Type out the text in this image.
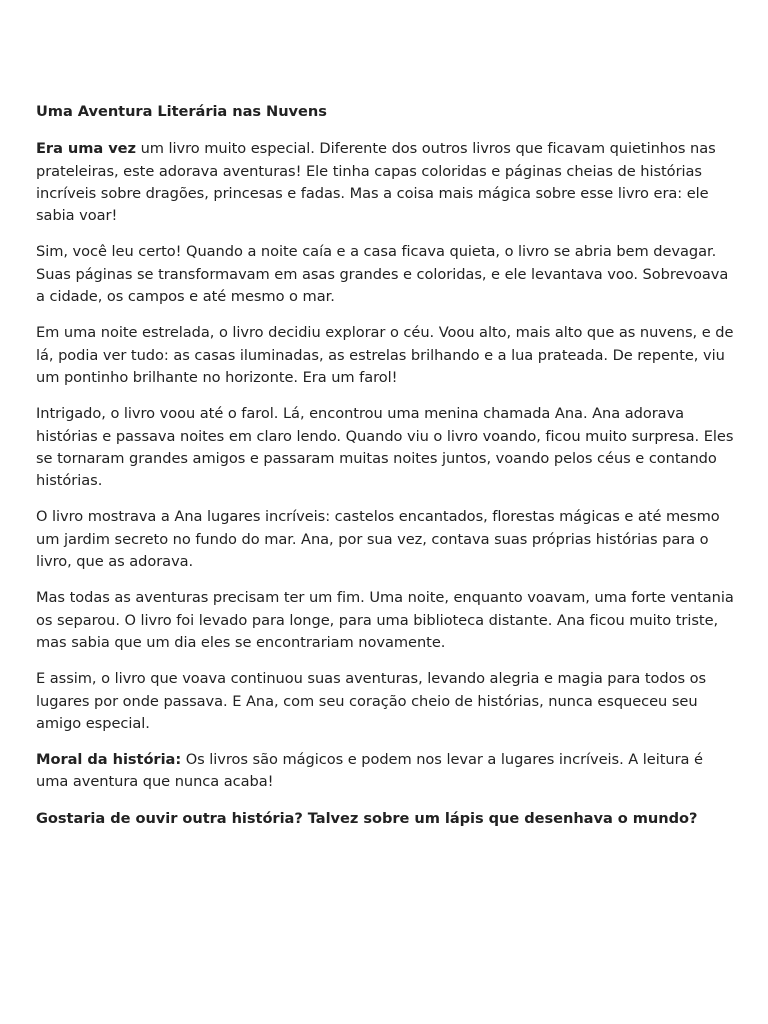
Uma Aventura Literária nas Nuvens

Era uma vez um livro muito especial. Diferente dos outros livros que ficavam quietinhos nas prateleiras, este adorava aventuras! Ele tinha capas coloridas e páginas cheias de histórias incríveis sobre dragões, princesas e fadas. Mas a coisa mais mágica sobre esse livro era: ele sabia voar!

Sim, você leu certo! Quando a noite caía e a casa ficava quieta, o livro se abria bem devagar. Suas páginas se transformavam em asas grandes e coloridas, e ele levantava voo. Sobrevoava a cidade, os campos e até mesmo o mar.

Em uma noite estrelada, o livro decidiu explorar o céu. Voou alto, mais alto que as nuvens, e de lá, podia ver tudo: as casas iluminadas, as estrelas brilhando e a lua prateada. De repente, viu um pontinho brilhante no horizonte. Era um farol!

Intrigado, o livro voou até o farol. Lá, encontrou uma menina chamada Ana. Ana adorava histórias e passava noites em claro lendo. Quando viu o livro voando, ficou muito surpresa. Eles se tornaram grandes amigos e passaram muitas noites juntos, voando pelos céus e contando histórias.

O livro mostrava a Ana lugares incríveis: castelos encantados, florestas mágicas e até mesmo um jardim secreto no fundo do mar. Ana, por sua vez, contava suas próprias histórias para o livro, que as adorava.

Mas todas as aventuras precisam ter um fim. Uma noite, enquanto voavam, uma forte ventania os separou. O livro foi levado para longe, para uma biblioteca distante. Ana ficou muito triste, mas sabia que um dia eles se encontrariam novamente.

E assim, o livro que voava continuou suas aventuras, levando alegria e magia para todos os lugares por onde passava. E Ana, com seu coração cheio de histórias, nunca esqueceu seu amigo especial.

Moral da história: Os livros são mágicos e podem nos levar a lugares incríveis. A leitura é uma aventura que nunca acaba!

Gostaria de ouvir outra história? Talvez sobre um lápis que desenhava o mundo?
